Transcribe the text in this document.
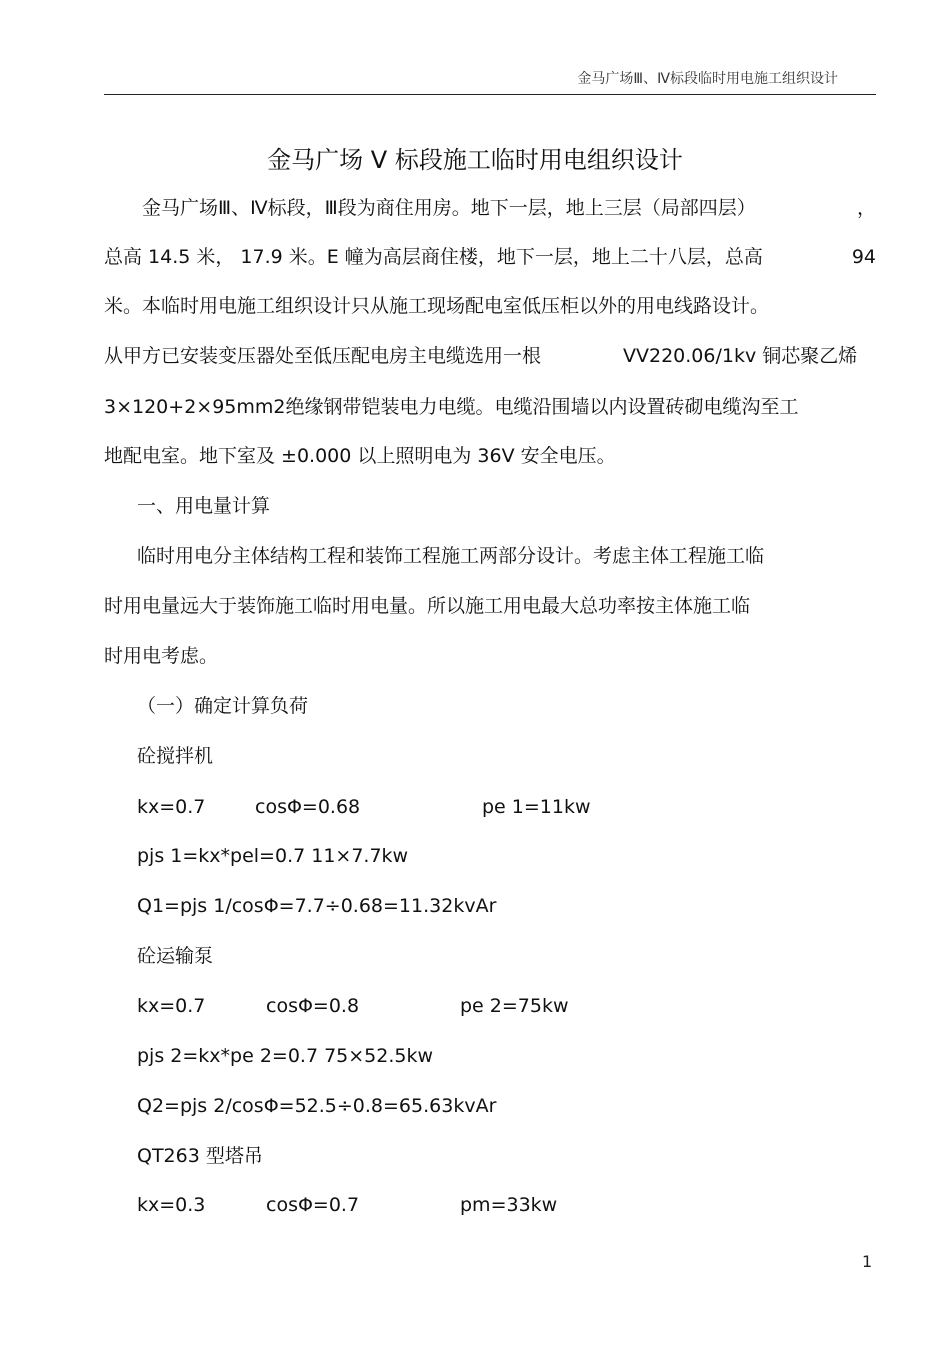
金马广场Ⅲ、Ⅳ标段临时用电施工组织设计
金马广场 V 标段施工临时用电组织设计
金马广场Ⅲ、Ⅳ标段，Ⅲ段为商住用房。地下一层，地上三层（局部四层）	，
总高 14.5 米， 17.9 米。E 幢为高层商住楼，地下一层，地上二十八层，总高	94
米。本临时用电施工组织设计只从施工现场配电室低压柜以外的用电线路设计。
从甲方已安装变压器处至低压配电房主电缆选用一根	VV220.06/1kv 铜芯聚乙烯
3×120+2×95mm2绝缘钢带铠装电力电缆。电缆沿围墙以内设置砖砌电缆沟至工
地配电室。地下室及 ±0.000 以上照明电为 36V 安全电压。
一、用电量计算
临时用电分主体结构工程和装饰工程施工两部分设计。考虑主体工程施工临
时用电量远大于装饰施工临时用电量。所以施工用电最大总功率按主体施工临
时用电考虑。
（一）确定计算负荷
砼搅拌机
kx=0.7	cosΦ=0.68	pe 1=11kw
pjs 1=kx*pel=0.7 11×7.7kw
Q1=pjs 1/cosΦ=7.7÷0.68=11.32kvAr
砼运输泵
kx=0.7	cosΦ=0.8	pe 2=75kw
pjs 2=kx*pe 2=0.7 75×52.5kw
Q2=pjs 2/cosΦ=52.5÷0.8=65.63kvAr
QT263 型塔吊
kx=0.3	cosΦ=0.7	pm=33kw
1
